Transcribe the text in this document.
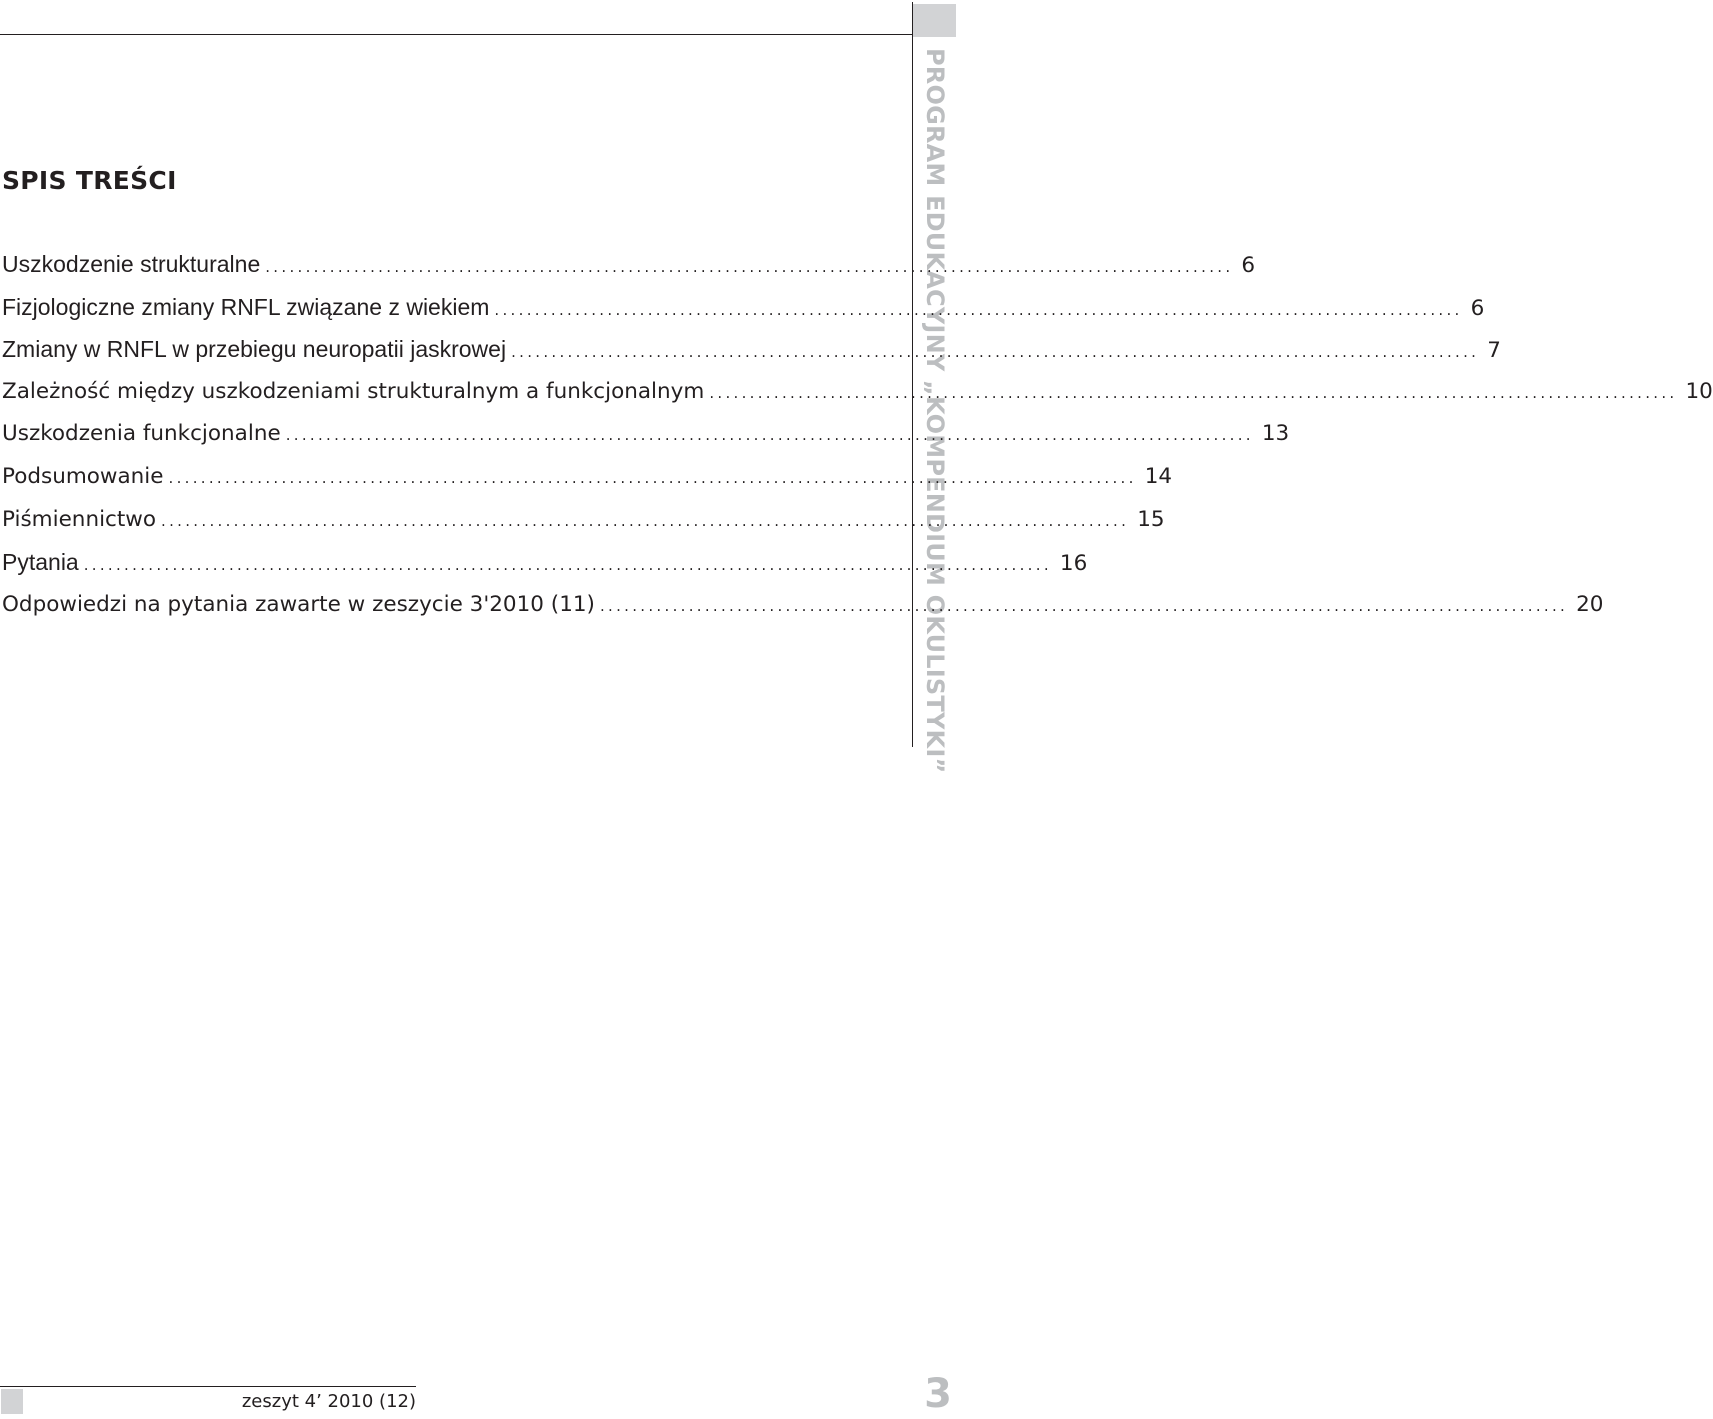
PROGRAM EDUKACYJNY „KOMPENDIUM OKULISTYKI”
SPIS TREŚCI
Uszkodzenie strukturalne ........................................................................................................................ 6
Fizjologiczne zmiany RNFL związane z wiekiem ........................................................................................................................ 6
Zmiany w RNFL w przebiegu neuropatii jaskrowej ........................................................................................................................ 7
Zależność między uszkodzeniami strukturalnym a funkcjonalnym ........................................................................................................................ 10
Uszkodzenia funkcjonalne ........................................................................................................................ 13
Podsumowanie ........................................................................................................................ 14
Piśmiennictwo ........................................................................................................................ 15
Pytania ........................................................................................................................ 16
Odpowiedzi na pytania zawarte w zeszycie 3'2010 (11) ........................................................................................................................ 20
zeszyt 4’ 2010 (12)	3
